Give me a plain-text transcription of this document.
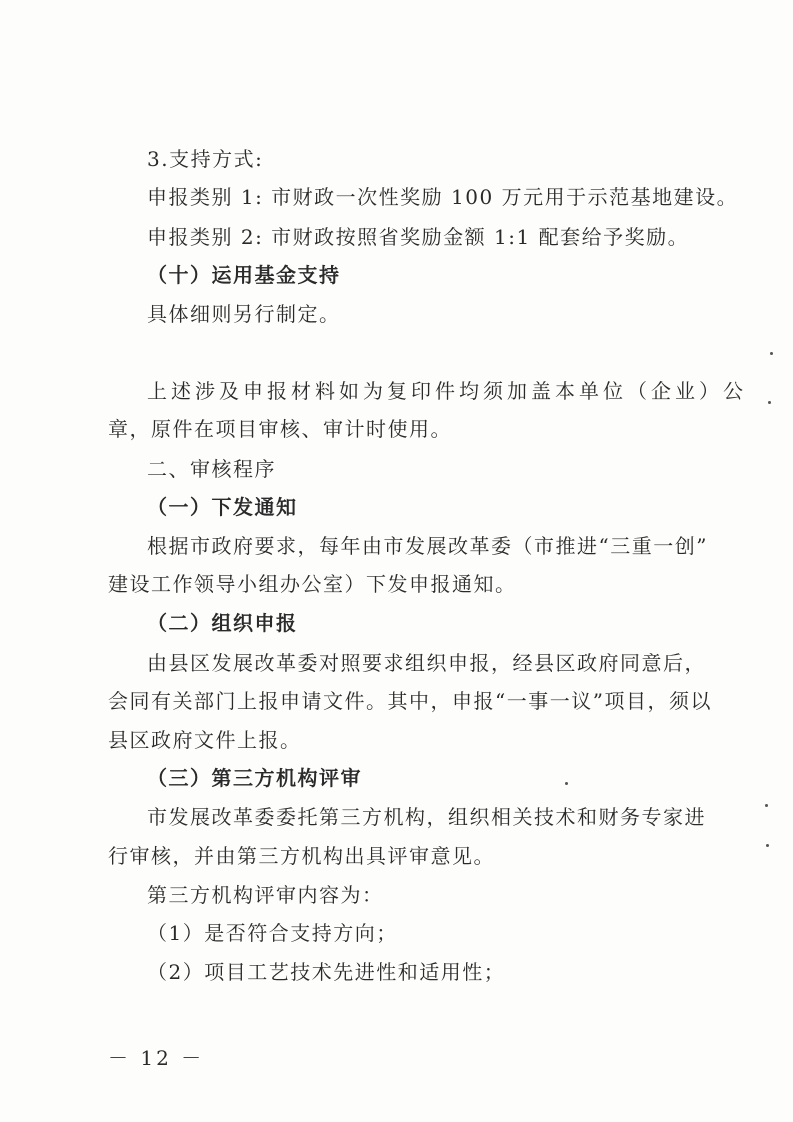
3.支持方式:
申报类别 1: 市财政一次性奖励 100 万元用于示范基地建设。
申报类别 2: 市财政按照省奖励金额 1:1 配套给予奖励。
（十）运用基金支持
具体细则另行制定。
上述涉及申报材料如为复印件均须加盖本单位（企业）公
章，原件在项目审核、审计时使用。
二、审核程序
（一）下发通知
根据市政府要求，每年由市发展改革委（市推进“三重一创”
建设工作领导小组办公室）下发申报通知。
（二）组织申报
由县区发展改革委对照要求组织申报，经县区政府同意后，
会同有关部门上报申请文件。其中，申报“一事一议”项目，须以
县区政府文件上报。
（三）第三方机构评审
市发展改革委委托第三方机构，组织相关技术和财务专家进
行审核，并由第三方机构出具评审意见。
第三方机构评审内容为：
（1）是否符合支持方向；
（2）项目工艺技术先进性和适用性；
－ 12 －
